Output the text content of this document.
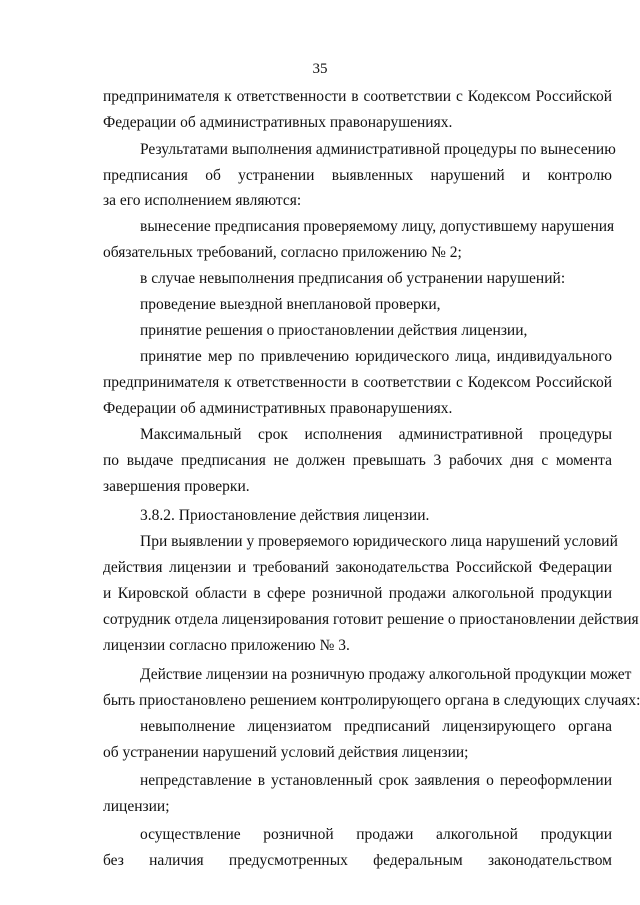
35
предпринимателя к ответственности в соответствии с Кодексом Российской
Федерации об административных правонарушениях.
Результатами выполнения административной процедуры по вынесению
предписания об устранении выявленных нарушений и контролю
за его исполнением являются:
вынесение предписания проверяемому лицу, допустившему нарушения
обязательных требований, согласно приложению № 2;
в случае невыполнения предписания об устранении нарушений:
проведение выездной внеплановой проверки,
принятие решения о приостановлении действия лицензии,
принятие мер по привлечению юридического лица, индивидуального
предпринимателя к ответственности в соответствии с Кодексом Российской
Федерации об административных правонарушениях.
Максимальный срок исполнения административной процедуры
по выдаче предписания не должен превышать 3 рабочих дня с момента
завершения проверки.
3.8.2. Приостановление действия лицензии.
При выявлении у проверяемого юридического лица нарушений условий
действия лицензии и требований законодательства Российской Федерации
и Кировской области в сфере розничной продажи алкогольной продукции
сотрудник отдела лицензирования готовит решение о приостановлении действия
лицензии согласно приложению № 3.
Действие лицензии на розничную продажу алкогольной продукции может
быть приостановлено решением контролирующего органа в следующих случаях:
невыполнение лицензиатом предписаний лицензирующего органа
об устранении нарушений условий действия лицензии;
непредставление в установленный срок заявления о переоформлении
лицензии;
осуществление розничной продажи алкогольной продукции
без наличия предусмотренных федеральным законодательством
